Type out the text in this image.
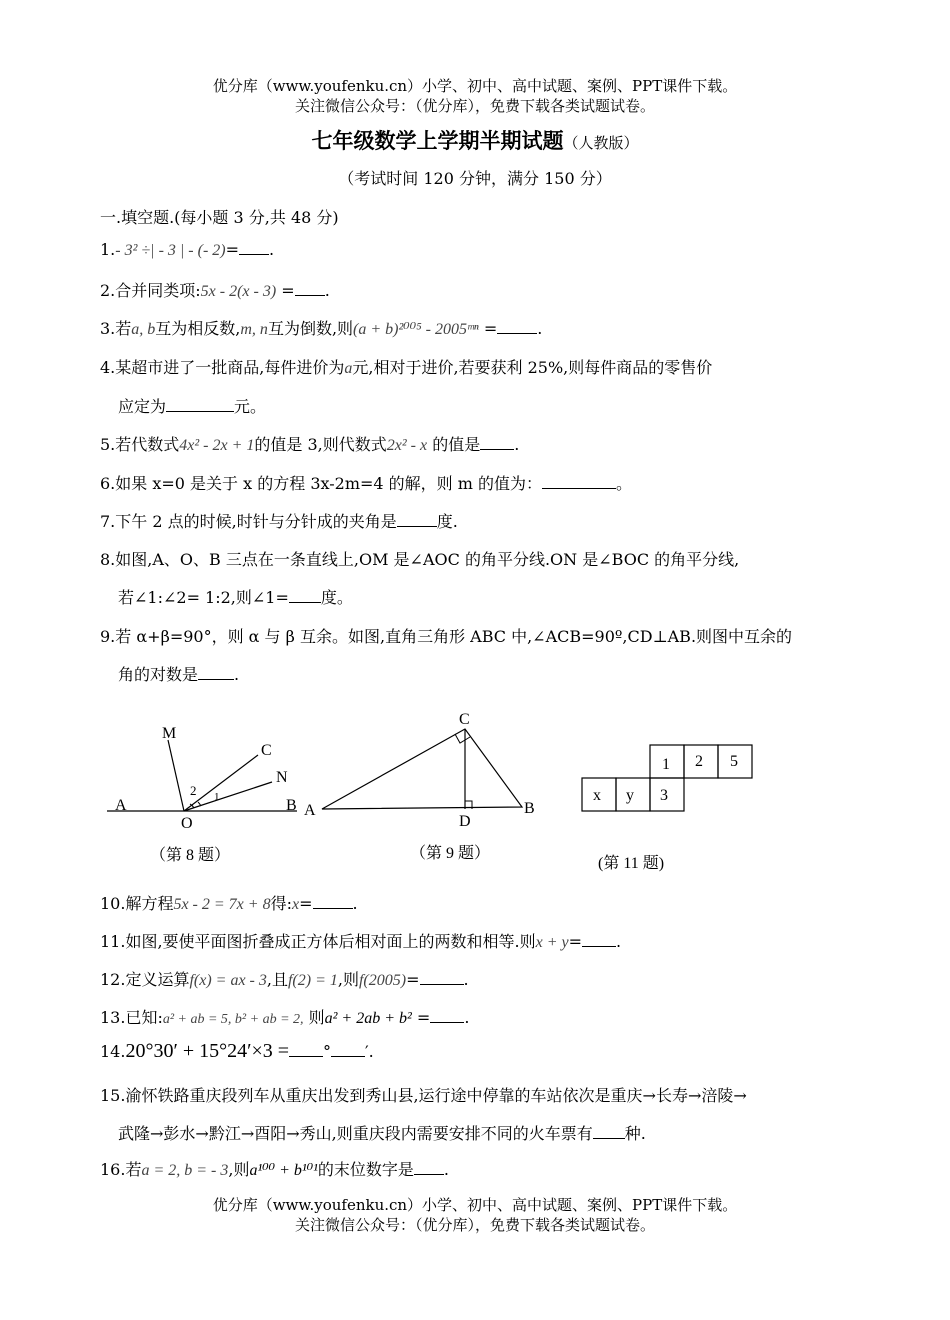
优分库（www.youfenku.cn）小学、初中、高中试题、案例、PPT课件下载。
关注微信公众号：（优分库），免费下载各类试题试卷。
七年级数学上学期半期试题（人教版）
（考试时间 120 分钟，满分 150 分）
一.填空题.(每小题 3 分,共 48 分)
1.- 3² ÷| - 3 | - (- 2)= .
2.合并同类项:5x - 2(x - 3) = .
3.若a, b互为相反数,m, n互为倒数,则(a + b)²⁰⁰⁵ - 2005ᵐⁿ =	.
4.某超市进了一批商品,每件进价为a元,相对于进价,若要获利 25%,则每件商品的零售价
应定为	元。
5.若代数式4x² - 2x + 1的值是 3,则代数式2x² - x 的值是 .
6.如果 x=0 是关于 x 的方程 3x-2m=4 的解，则 m 的值为：	。
7.下午 2 点的时候,时针与分针成的夹角是	度.
8.如图,A、O、B 三点在一条直线上,OM 是∠AOC 的角平分线.ON 是∠BOC 的角平分线,
若∠1:∠2= 1:2,则∠1= 度。
9.若 α+β=90°，则 α 与 β 互余。如图,直角三角形 ABC 中,∠ACB=90º,CD⊥AB.则图中互余的
角的对数是 .
M
C
N
A
O
B
2 1
（第 8 题）
A	B
C
D
（第 9 题）
1 2 5
x y 3
(第 11 题)
10.解方程5x - 2 = 7x + 8得:x=	.
11.如图,要使平面图折叠成正方体后相对面上的两数和相等.则x + y= .
12.定义运算f(x) = ax - 3,且f(2) = 1,则f(2005)=	.
13.已知:a² + ab = 5, b² + ab = 2, 则a² + 2ab + b² = .
14.20°30′ + 15°24′×3 = ° ′.
15.渝怀铁路重庆段列车从重庆出发到秀山县,运行途中停靠的车站依次是重庆→长寿→涪陵→
武隆→彭水→黔江→酉阳→秀山,则重庆段内需要安排不同的火车票有 种.
16.若a = 2, b = - 3,则a¹⁰⁰ + b¹⁰¹的末位数字是 .
优分库（www.youfenku.cn）小学、初中、高中试题、案例、PPT课件下载。
关注微信公众号：（优分库），免费下载各类试题试卷。
